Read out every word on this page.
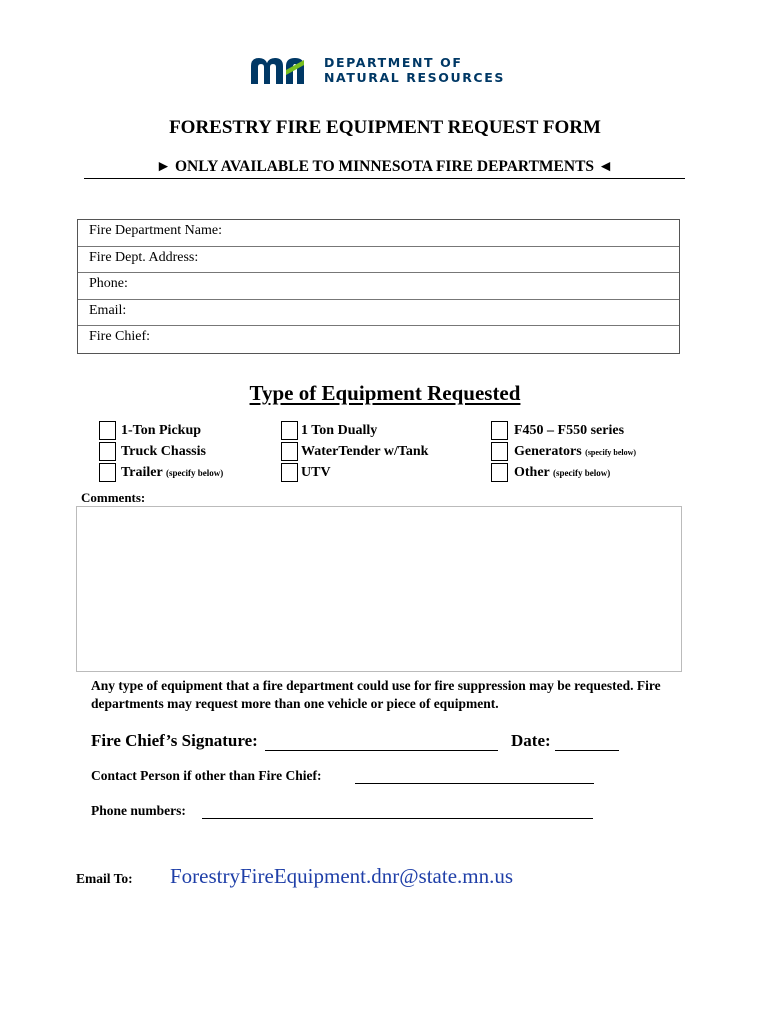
DEPARTMENT OF
NATURAL RESOURCES
FORESTRY FIRE EQUIPMENT REQUEST FORM
► ONLY AVAILABLE TO MINNESOTA FIRE DEPARTMENTS ◄
Fire Department Name:
Fire Dept. Address:
Phone:
Email:
Fire Chief:
Type of Equipment Requested
1-Ton Pickup
Truck Chassis
Trailer (specify below)
1 Ton Dually
WaterTender w/Tank
UTV
F450 – F550 series
Generators (specify below)
Other (specify below)
Comments:
Any type of equipment that a fire department could use for fire suppression may be requested. Fire departments may request more than one vehicle or piece of equipment.
Fire Chief’s Signature:	Date:
Contact Person if other than Fire Chief:
Phone numbers:
Email To: ForestryFireEquipment.dnr@state.mn.us
